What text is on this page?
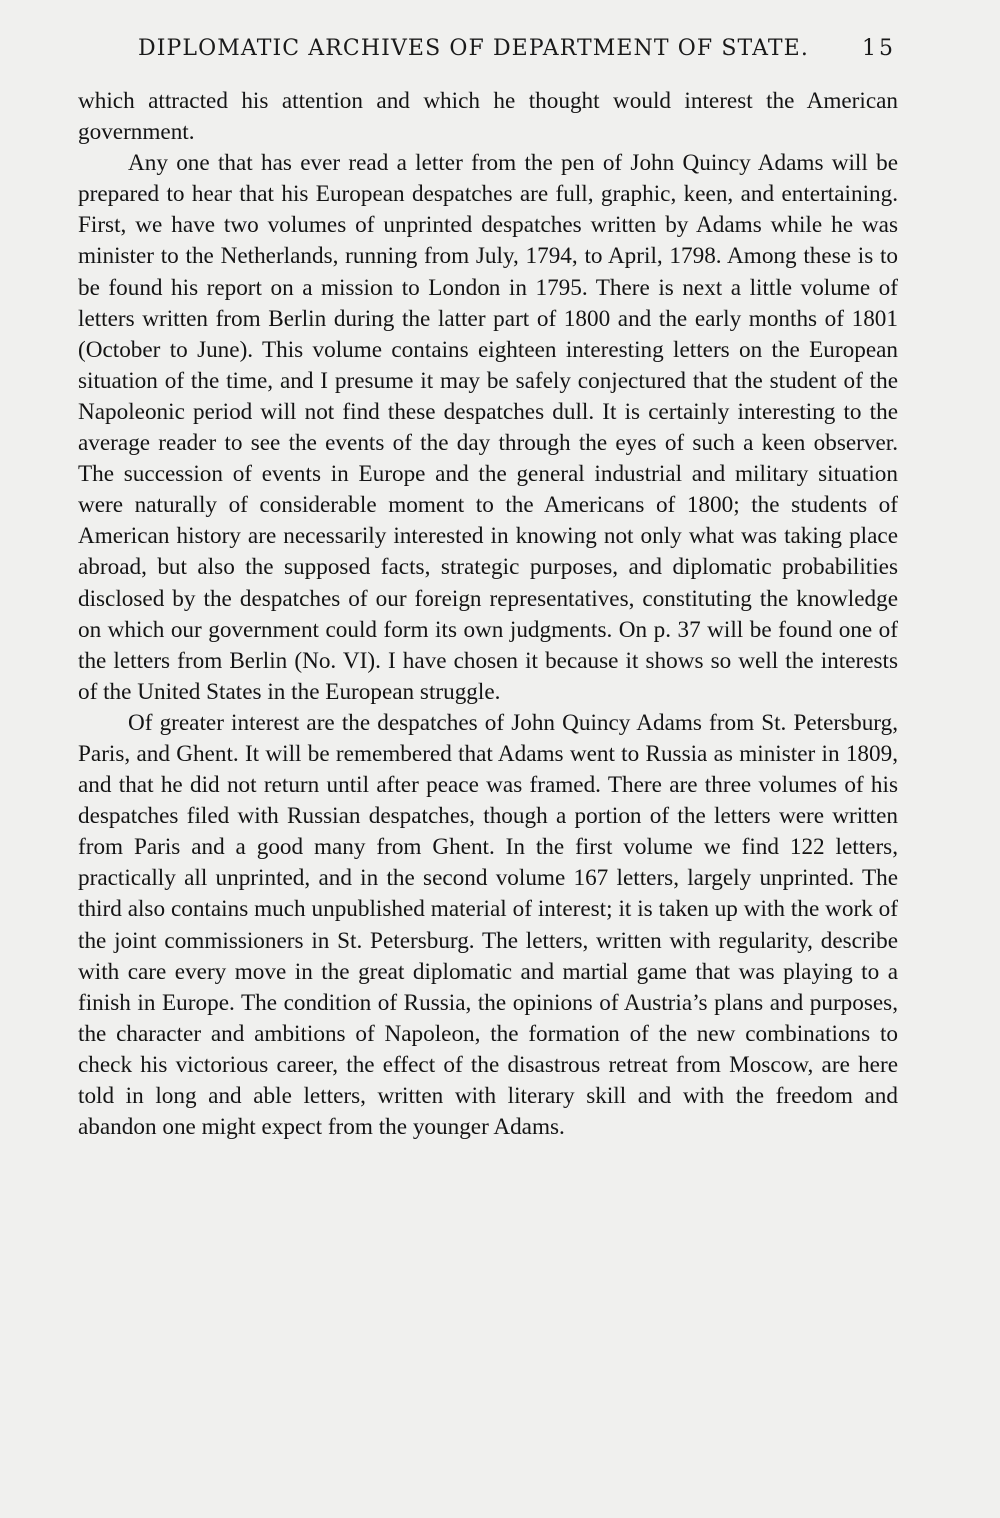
DIPLOMATIC ARCHIVES OF DEPARTMENT OF STATE. 15

which attracted his attention and which he thought would interest the American government.

Any one that has ever read a letter from the pen of John Quincy Adams will be prepared to hear that his European despatches are full, graphic, keen, and entertaining. First, we have two volumes of unprinted despatches written by Adams while he was minister to the Netherlands, running from July, 1794, to April, 1798. Among these is to be found his report on a mission to London in 1795. There is next a little volume of letters written from Berlin during the latter part of 1800 and the early months of 1801 (October to June). This volume contains eighteen interesting letters on the European situation of the time, and I presume it may be safely conjectured that the student of the Napoleonic period will not find these despatches dull. It is certainly interesting to the average reader to see the events of the day through the eyes of such a keen observer. The succession of events in Europe and the general industrial and military situation were naturally of considerable moment to the Americans of 1800; the students of American history are necessarily interested in knowing not only what was taking place abroad, but also the supposed facts, strategic purposes, and diplomatic probabilities disclosed by the despatches of our foreign representatives, constituting the knowledge on which our government could form its own judgments. On p. 37 will be found one of the letters from Berlin (No. VI). I have chosen it because it shows so well the interests of the United States in the European struggle.

Of greater interest are the despatches of John Quincy Adams from St. Petersburg, Paris, and Ghent. It will be remembered that Adams went to Russia as minister in 1809, and that he did not return until after peace was framed. There are three volumes of his despatches filed with Russian despatches, though a portion of the letters were written from Paris and a good many from Ghent. In the first volume we find 122 letters, practically all unprinted, and in the second volume 167 letters, largely unprinted. The third also contains much unpublished material of interest; it is taken up with the work of the joint commissioners in St. Petersburg. The letters, written with regularity, describe with care every move in the great diplomatic and martial game that was playing to a finish in Europe. The condition of Russia, the opinions of Austria’s plans and purposes, the character and ambitions of Napoleon, the formation of the new combinations to check his victorious career, the effect of the disastrous retreat from Moscow, are here told in long and able letters, written with literary skill and with the freedom and abandon one might expect from the younger Adams.
